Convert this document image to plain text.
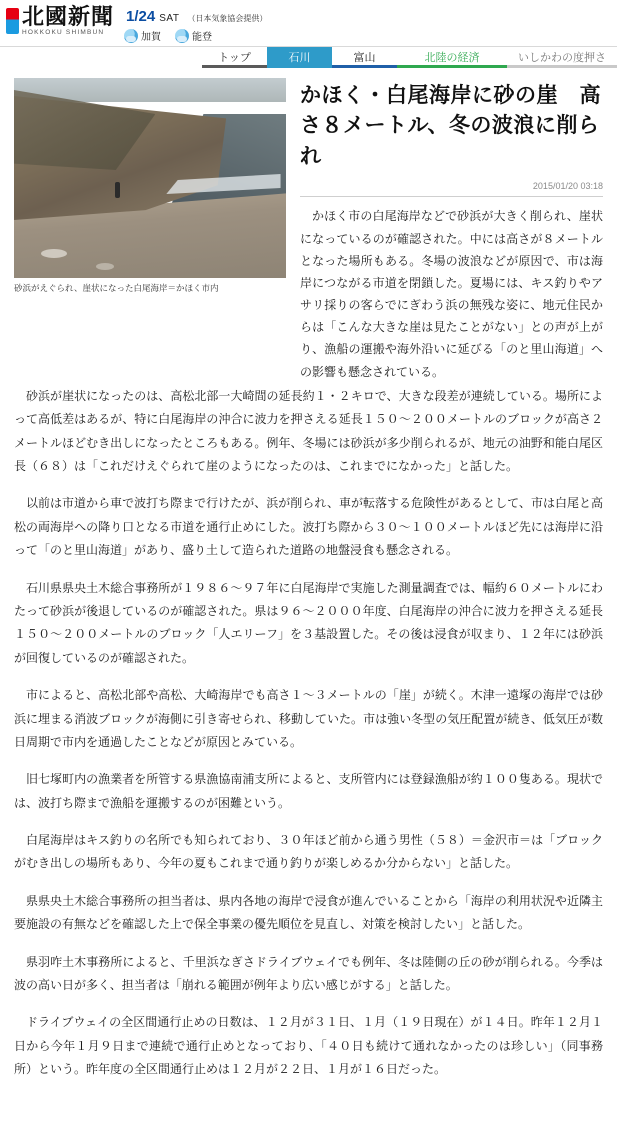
北國新聞
HOKKOKU SHIMBUN
1/24 SAT （日本気象協会提供）
加賀	能登
トップ	石川	富山	北陸の経済	いしかわの度押さ
砂浜がえぐられ、崖状になった白尾海岸＝かほく市内
かほく・白尾海岸に砂の崖　高さ８メートル、冬の波浪に削られ
2015/01/20 03:18

かほく市の白尾海岸などで砂浜が大きく削られ、崖状になっているのが確認された。中には高さが８メートルとなった場所もある。冬場の波浪などが原因で、市は海岸につながる市道を閉鎖した。夏場には、キス釣りやアサリ採りの客らでにぎわう浜の無残な姿に、地元住民からは「こんな大きな崖は見たことがない」との声が上がり、漁船の運搬や海外沿いに延びる「のと里山海道」への影響も懸念されている。

砂浜が崖状になったのは、高松北部一大崎間の延長約１・２キロで、大きな段差が連続している。場所によって高低差はあるが、特に白尾海岸の沖合に波力を押さえる延長１５０～２００メートルのブロックが高さ２メートルほどむき出しになったところもある。例年、冬場には砂浜が多少削られるが、地元の油野和能白尾区長（６８）は「これだけえぐられて崖のようになったのは、これまでになかった」と話した。

以前は市道から車で波打ち際まで行けたが、浜が削られ、車が転落する危険性があるとして、市は白尾と高松の両海岸への降り口となる市道を通行止めにした。波打ち際から３０～１００メートルほど先には海岸に沿って「のと里山海道」があり、盛り土して造られた道路の地盤浸食も懸念される。

石川県県央土木総合事務所が１９８６～９７年に白尾海岸で実施した測量調査では、幅約６０メートルにわたって砂浜が後退しているのが確認された。県は９６～２０００年度、白尾海岸の沖合に波力を押さえる延長１５０～２００メートルのブロック「人エリーフ」を３基設置した。その後は浸食が収まり、１２年には砂浜が回復しているのが確認された。

市によると、高松北部や高松、大崎海岸でも高さ１～３メートルの「崖」が続く。木津一遠塚の海岸では砂浜に埋まる消波ブロックが海側に引き寄せられ、移動していた。市は強い冬型の気圧配置が続き、低気圧が数日周期で市内を通過したことなどが原因とみている。

旧七塚町内の漁業者を所管する県漁協南浦支所によると、支所管内には登録漁船が約１００隻ある。現状では、波打ち際まで漁船を運搬するのが困難という。

白尾海岸はキス釣りの名所でも知られており、３０年ほど前から通う男性（５８）＝金沢市＝は「ブロックがむき出しの場所もあり、今年の夏もこれまで通り釣りが楽しめるか分からない」と話した。

県県央土木総合事務所の担当者は、県内各地の海岸で浸食が進んでいることから「海岸の利用状況や近隣主要施設の有無などを確認した上で保全事業の優先順位を見直し、対策を検討したい」と話した。

県羽咋土木事務所によると、千里浜なぎさドライブウェイでも例年、冬は陸側の丘の砂が削られる。今季は波の高い日が多く、担当者は「崩れる範囲が例年より広い感じがする」と話した。

ドライブウェイの全区間通行止めの日数は、１２月が３１日、１月（１９日現在）が１４日。昨年１２月１日から今年１月９日まで連続で通行止めとなっており、「４０日も続けて通れなかったのは珍しい」（同事務所）という。昨年度の全区間通行止めは１２月が２２日、１月が１６日だった。
